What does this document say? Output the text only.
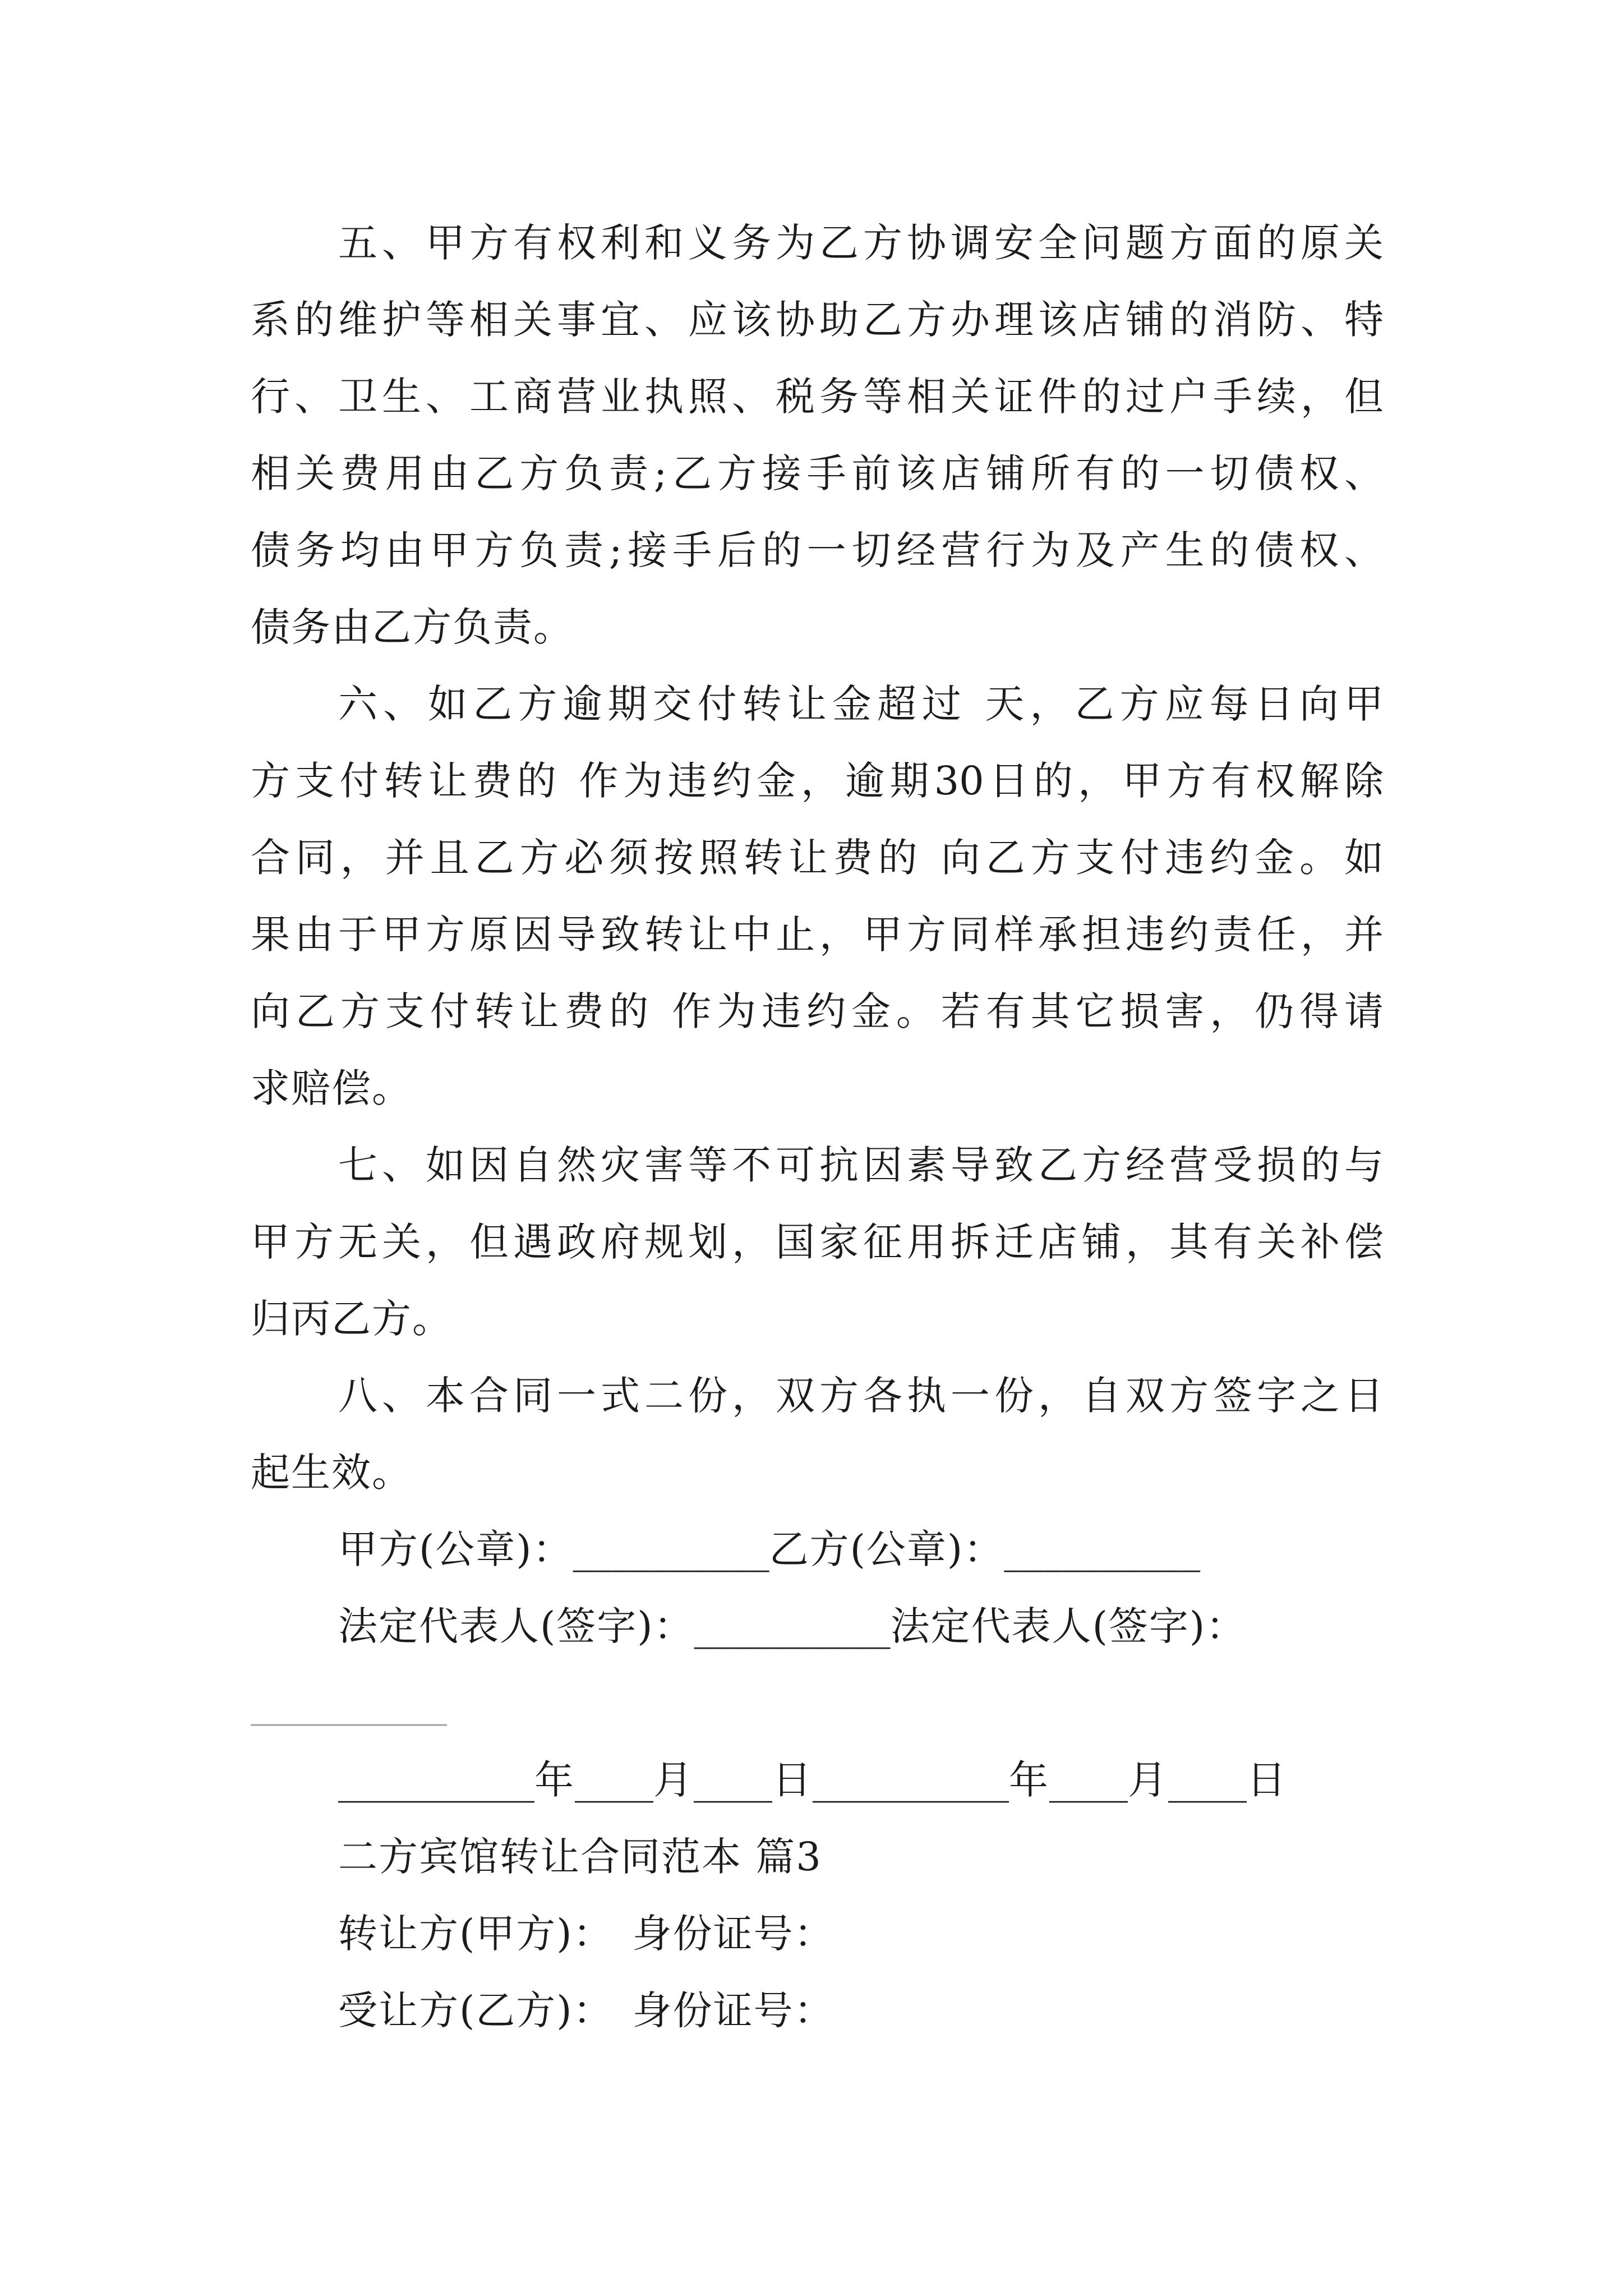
五、甲方有权利和义务为乙方协调安全问题方面的原关
系的维护等相关事宜、应该协助乙方办理该店铺的消防、特
行、卫生、工商营业执照、税务等相关证件的过户手续，但
相关费用由乙方负责;乙方接手前该店铺所有的一切债权、
债务均由甲方负责;接手后的一切经营行为及产生的债权、
债务由乙方负责。
六、如乙方逾期交付转让金超过 天，乙方应每日向甲
方支付转让费的 作为违约金，逾期30日的，甲方有权解除
合同，并且乙方必须按照转让费的 向乙方支付违约金。如
果由于甲方原因导致转让中止，甲方同样承担违约责任，并
向乙方支付转让费的 作为违约金。若有其它损害，仍得请
求赔偿。
七、如因自然灾害等不可抗因素导致乙方经营受损的与
甲方无关，但遇政府规划，国家征用拆迁店铺，其有关补偿
归丙乙方。
八、本合同一式二份，双方各执一份，自双方签字之日
起生效。
甲方(公章)：__________乙方(公章)：__________
法定代表人(签字)：__________法定代表人(签字)：
__________
__________年____月____日__________年____月____日
二方宾馆转让合同范本 篇3
转让方(甲方)： 身份证号：
受让方(乙方)： 身份证号：
